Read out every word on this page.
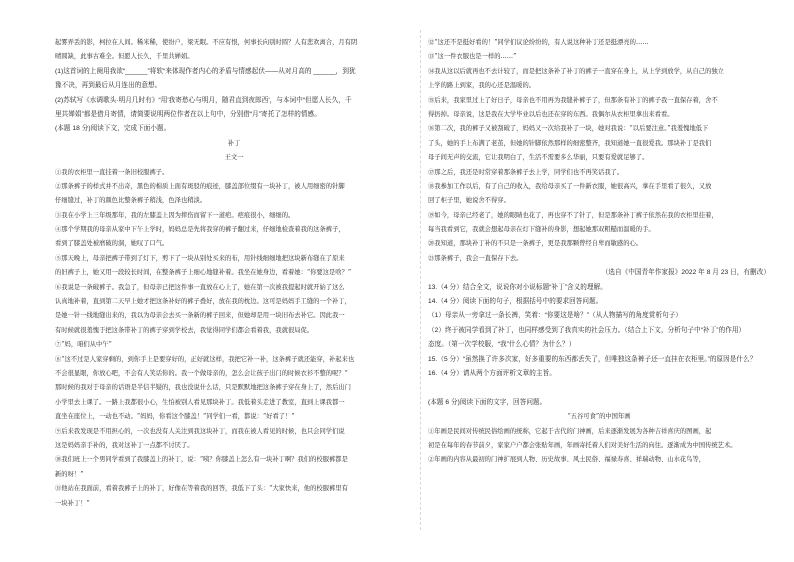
起雾弄丢的影，柯拉在人间。稀米稀，使纷户，梁无眠。不应有恨，何事长向别时圆？人有悲欢离合，月有阴
晴圆缺，此事古难全。但愿人长久，千里共婵娟。
(1)这首词的上阕用我欲“______”将软“来体现作者内心的矛盾与情感起伏——从对月高的 ______，到犹
豫不决，再到最后从月连出的意想。
(2)苏轼写《水调歌头·明月几时有》“用'我寄愁心与明月，随君直到夜郎西'，与本词中“但愿人长久，千
里共婵娟”都是借月寄情，请简要说明两位作者在以上句中，分别借“月”寄托了怎样的情感。
(本题 18 分)阅读下文，完成下面小题。
补丁
王文一
①我的衣柜里一直挂着一条旧校服裤子。
②那条裤子的样式并不出奇，黑色的棉质上面有斑驳的痕迹，膝盖部位缀有一块补丁，被人用细密的针脚
仔细缝过，补丁的颜色比整条裤子稍浅，色泽也稍淡。
③我在小学上三年级那年，我的左膝盖上因为摔伤而留下一道疤。疤痕很小，细细的。
④那个学期我的母亲从家中下午上学时，妈妈总是先将我穿的裤子翻过来，仔细地检查着我的这条裤子，
看到了膝盖处被磨破的洞，她叹了口气。
⑤那天晚上，母亲把裤子带到了灯下，剪下了一块从别处买来的布，用针线细细地把这块新布缝在了原来
的旧裤子上，她又用一段较长时间，在整条裤子上细心地缝补着。我坐在她身边，看着她：“你要这是啥？”
⑥我说是一条破裤子。我急了，但母亲已把这件事一直放在心上了，她在第一次被我提起时就开始了这么
认真地补着，直到第二天早上她才把这条补好的裤子叠好，放在我的枕边。这可是妈妈手工缝的一个补丁，
是她一针一线地缝出来的，我以为母亲会去买一条新的裤子回来，但她却是用一块旧布去补它。因此我一
有时候就很羞愧于把这条带补丁的裤子穿到学校去，我觉得同学们都会看着我，我就很局促。
⑦“妈，咱们从中午”
⑧“这不过是人家穿剩的，到你手上是要穿好的，正好就这样，我把它补一补，这条裤子就还能穿，补起来也
不会很显眼，你放心吧，不会有人笑话你的。我一个做母亲的，怎么会让孩子出门的时候衣衫不整的呢？”
那时候的我对于母亲的话语是半信半疑的，我也没说什么话，只是默默地把这条裤子穿在身上了，然后出门
小学里去上课了。一路上我都很小心，生怕被别人看见那块补丁。我低着头走进了教室，直到上课我都一
直坐在座位上，一动也不动。“妈妈，你看这个膝盖！”同学们一看，都说：“好看了！”
⑨后来我发现是不用担心的，一次也没有人关注到我这块补丁，而我在被人看见的时候，也只会同学们说
这是妈妈亲手补的，我对这补丁一点都不讨厌了。
⑩我们班上一个男同学看到了我膝盖上的补丁，说：“咦？你膝盖上怎么有一块补丁啊？我们的校服裤都是
新的呀！”
⑪他站在我面前，看着我裤子上的补丁，好像在等着我的回答，我低下了头：“大家快来，他的校服裤里有
一块补丁！”
⑫“这还不是挺好看的！”同学们议论纷纷的，有人说这种补丁还是挺漂亮的……
⑬“这一件衣服也是一样的……”
⑭我从这以后就再也不去计较了，而是把这条补了补丁的裤子一直穿在身上，从上学到放学，从自己的独立
上学的路上到家，我的心还是温暖的。
⑮后来，我家里过上了好日子，母亲也不用再为我缝补裤子了，但那条有补丁的裤子我一直保存着，舍不
得扔掉。母亲说，这是我在大学毕业以后也还在穿的东西。我偶尔从衣柜里拿出来看看。
⑯第二次，我的裤子又被刮破了，妈妈又一次给我补了一块，她对我说：“以后要注意。”我羞愧地低下
了头，她的手上布满了老茧，但她的针脚依然那样的细密整齐，我知道她一直很爱我。那块补丁是我们
母子间无声的交流，它让我明白了，生活不需要多么华丽，只要有爱就足够了。
⑰那之后，我还是时常穿着那条裤子去上学，同学们也不再笑话我了。
⑱我参加工作以后，有了自己的收入，我给母亲买了一件新衣服，她很高兴，拿在手里看了很久，又放
回了柜子里，她说舍不得穿。
⑲如今，母亲已经老了，她的眼睛也花了，再也穿不了针了，但是那条补丁裤子依然在我的衣柜里挂着，
每当我看到它，我就会想起母亲在灯下缝补的身影，想起她那双粗糙而温暖的手。
⑳我知道，那块补丁补的不只是一条裤子，更是我那颗曾经自卑而敏感的心。
㉑那条裤子，我会一直保存下去。
（选自《中国青年作家报》2022 年 8 月 23 日，有删改）
13.（4 分）结合全文，说说你对小说标题“补丁”含义的理解。
14.（4 分）阅读下面的句子，根据括号中的要求回答问题。
（1）母亲从一旁拿过一条长裤，笑着：“你要这是啥？”（从人物描写的角度赏析句子）
（2）终于被同学看到了补丁，也同样感受到了我真实的社会压力。（结合上下文，分析句子中“补丁”的作用）
态度。（第一次学校服，“我”什么心情？为什么？）
15.（5 分）“虽然换了许多次家，好多重要的东西都丢失了，但唯独这条裤子还一直挂在衣柜里。”的原因是什么？
16.（4 分）请从两个方面评析文章的主旨。
(本题 6 分)阅读下面的文字，回答问题。
“五谷可食”的中国年画
①年画是民间对传统民俗绘画的统称，它起于古代的门神画，后来逐渐发展为各种吉祥喜庆的图画，起
初是在每年的春节前夕，家家户户都会张贴年画，年画寄托着人们对美好生活的向往。逐渐成为中国传统艺术。
②年画的内容从最初的门神扩展到人物、历史故事、风土民俗、福禄寿喜、祥瑞动物、山水花鸟等，
